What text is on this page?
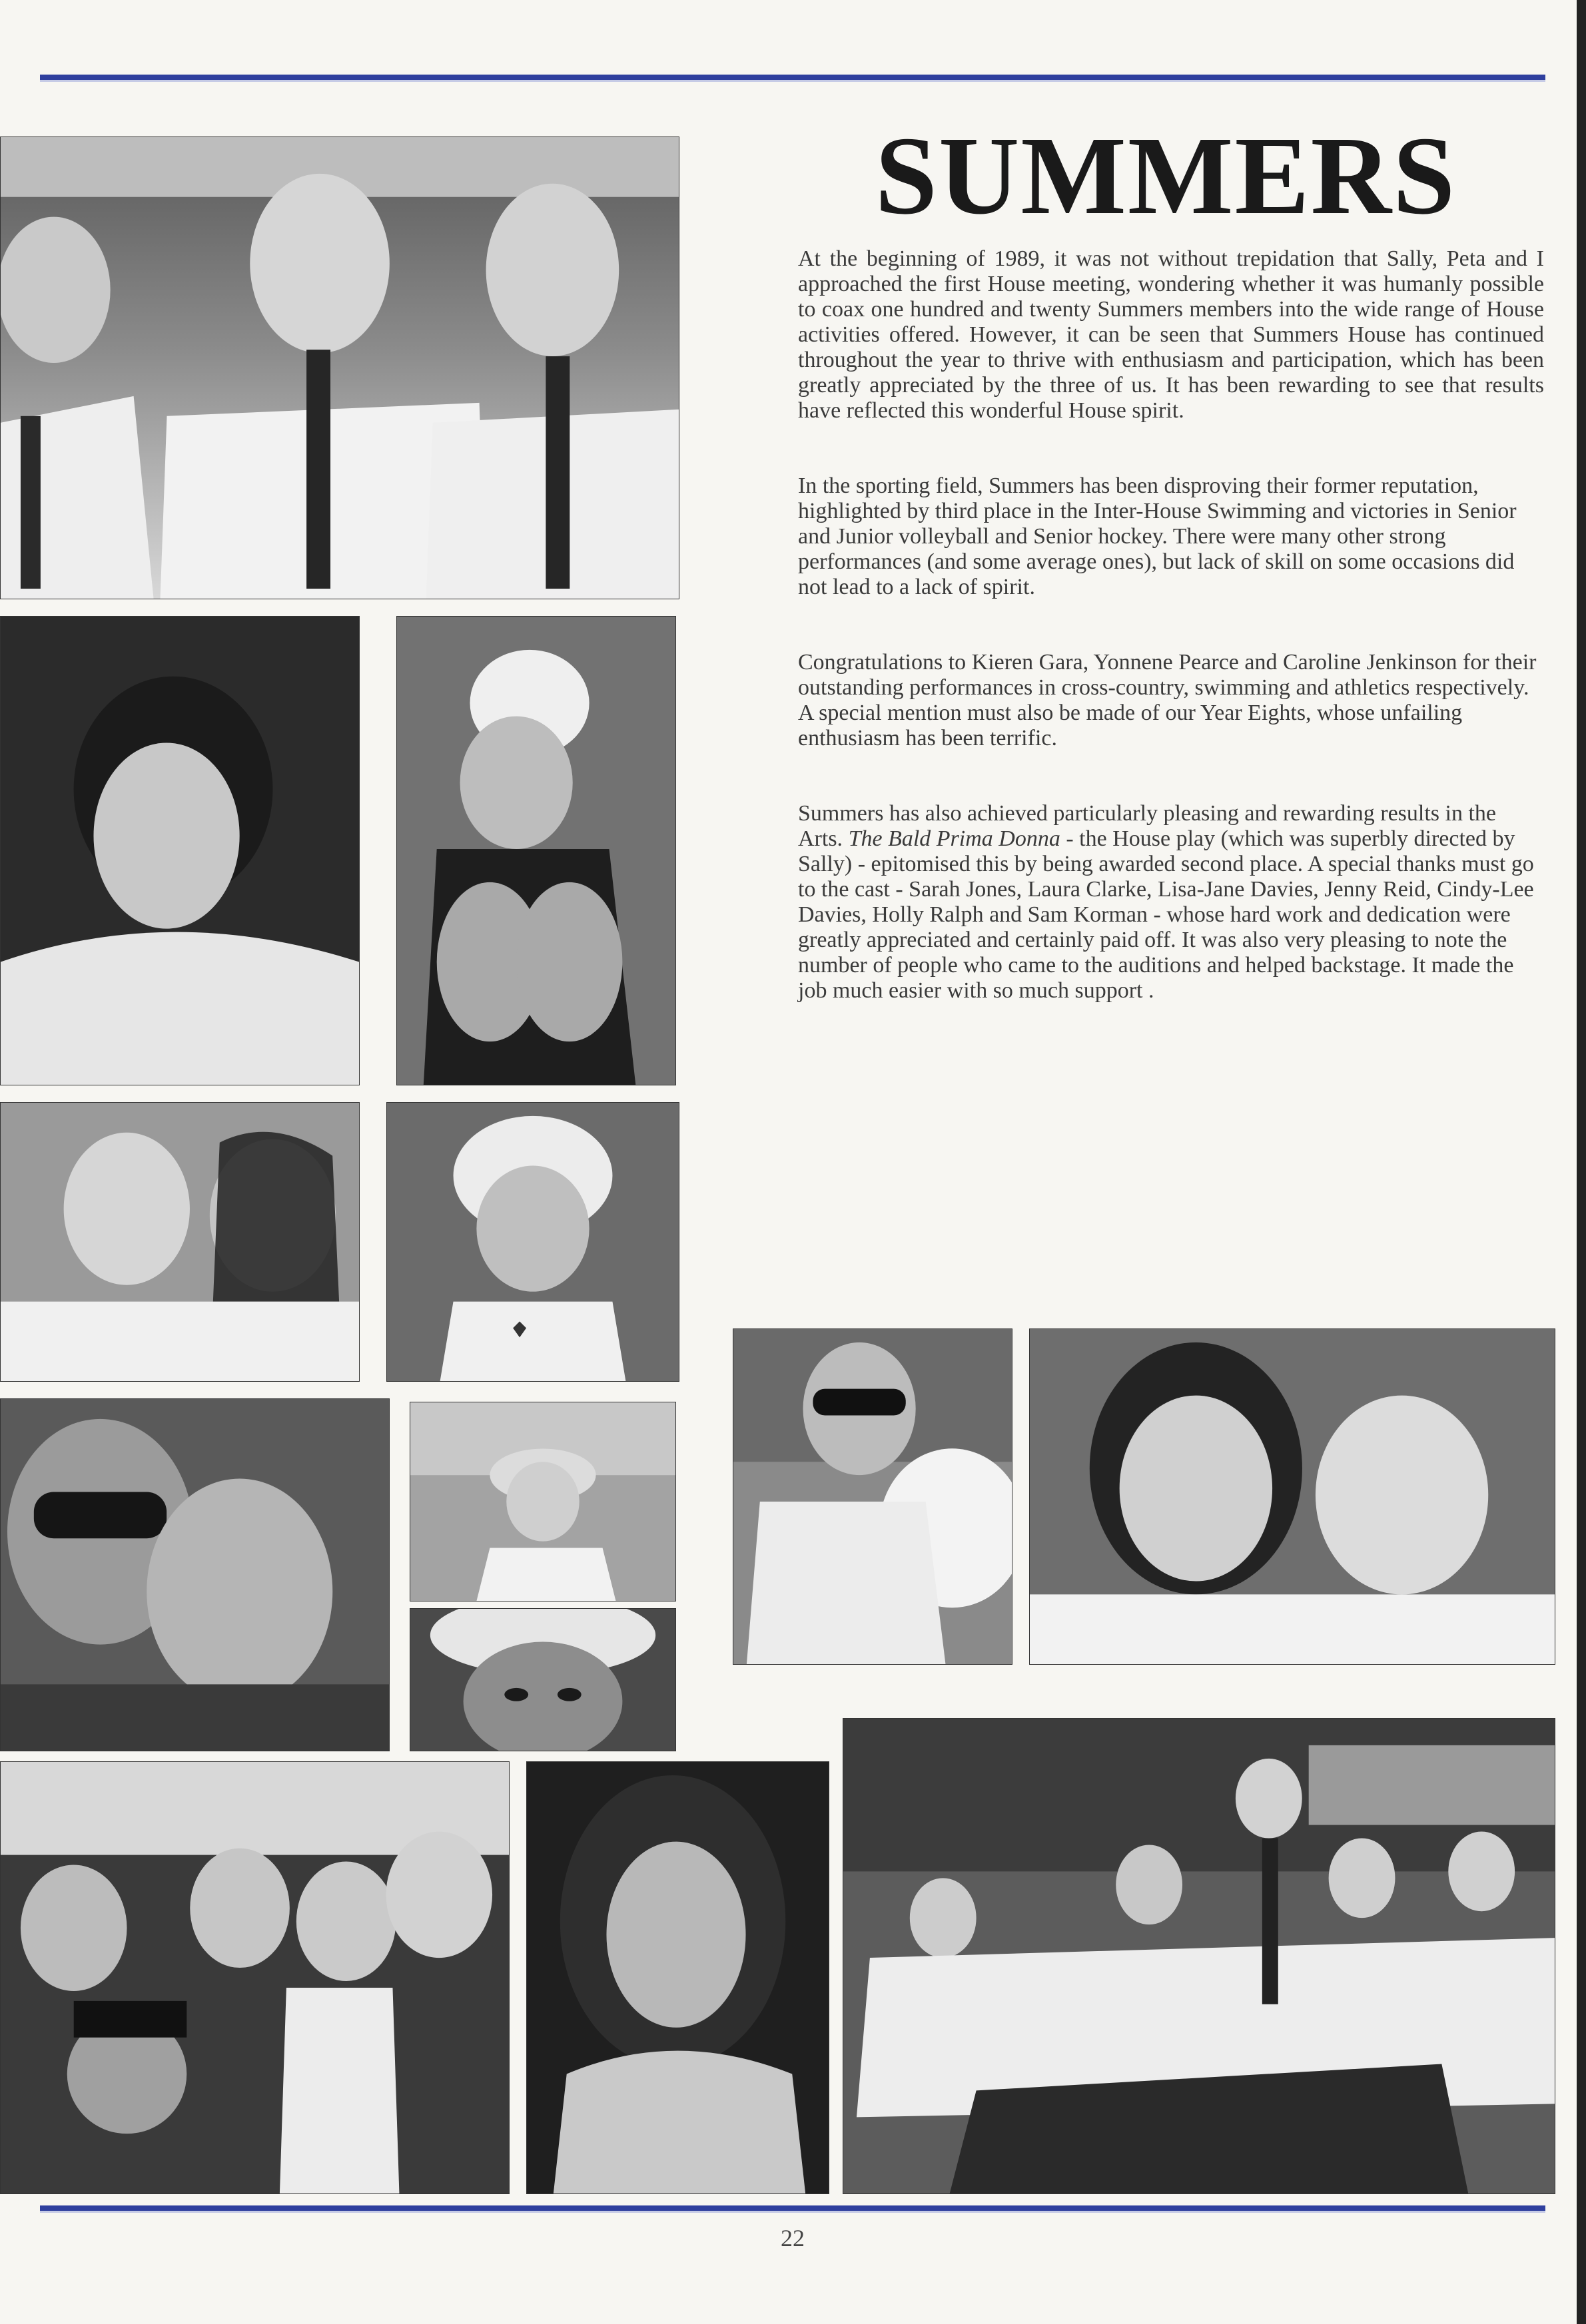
SUMMERS

At the beginning of 1989, it was not without trepidation that Sally, Peta and I approached the first House meeting, wondering whether it was humanly possible to coax one hundred and twenty Summers members into the wide range of House activities offered. However, it can be seen that Summers House has continued throughout the year to thrive with enthusiasm and participation, which has been greatly appreciated by the three of us. It has been rewarding to see that results have reflected this wonderful House spirit.

In the sporting field, Summers has been disproving their former reputation, highlighted by third place in the Inter-House Swimming and victories in Senior and Junior volleyball and Senior hockey. There were many other strong performances (and some average ones), but lack of skill on some occasions did not lead to a lack of spirit.

Congratulations to Kieren Gara, Yonnene Pearce and Caroline Jenkinson for their outstanding performances in cross-country, swimming and athletics respectively. A special mention must also be made of our Year Eights, whose unfailing enthusiasm has been terrific.

Summers has also achieved particularly pleasing and rewarding results in the Arts. The Bald Prima Donna - the House play (which was superbly directed by Sally) - epitomised this by being awarded second place. A special thanks must go to the cast - Sarah Jones, Laura Clarke, Lisa-Jane Davies, Jenny Reid, Cindy-Lee Davies, Holly Ralph and Sam Korman - whose hard work and dedication were greatly appreciated and certainly paid off. It was also very pleasing to note the number of people who came to the auditions and helped backstage. It made the job much easier with so much support .

22
